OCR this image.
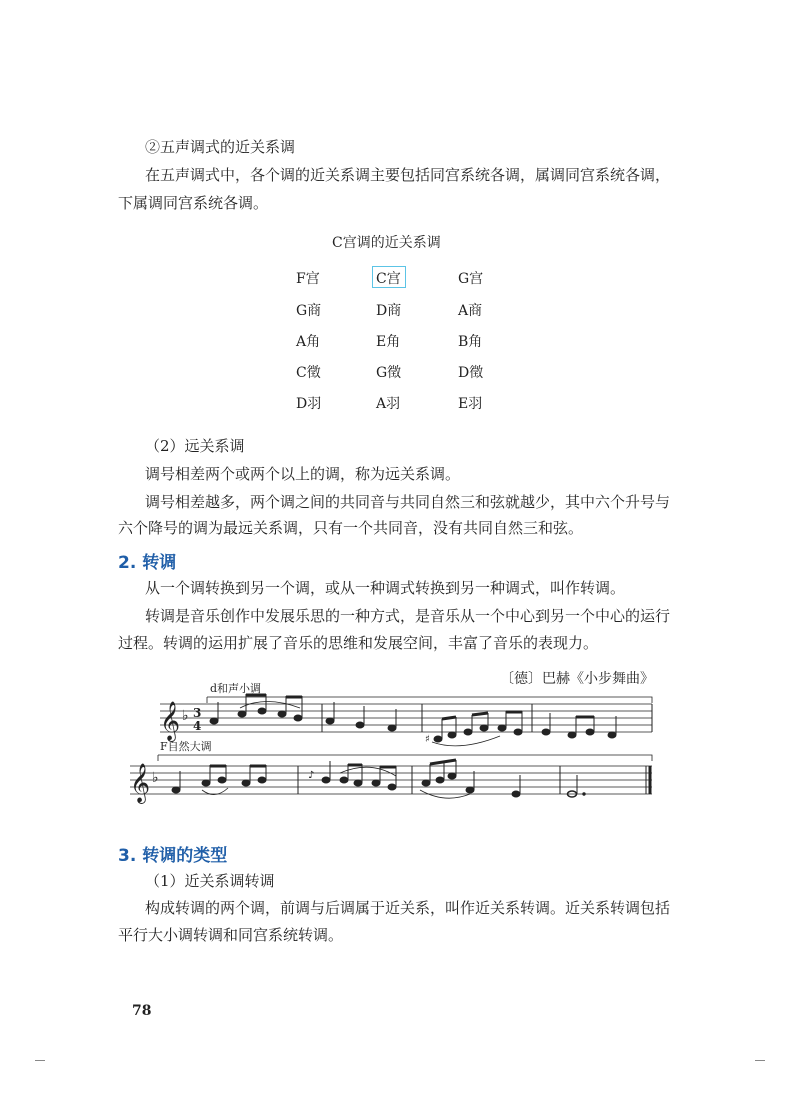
②五声调式的近关系调
在五声调式中，各个调的近关系调主要包括同宫系统各调，属调同宫系统各调，
下属调同宫系统各调。
C宫调的近关系调
F宫	C宫	G宫
G商	D商	A商
A角	E角	B角
C徵	G徵	D徵
D羽	A羽	E羽
（2）远关系调
调号相差两个或两个以上的调，称为远关系调。
调号相差越多，两个调之间的共同音与共同自然三和弦就越少，其中六个升号与
六个降号的调为最远关系调，只有一个共同音，没有共同自然三和弦。
2. 转调
从一个调转换到另一个调，或从一种调式转换到另一种调式，叫作转调。
转调是音乐创作中发展乐思的一种方式，是音乐从一个中心到另一个中心的运行
过程。转调的运用扩展了音乐的思维和发展空间，丰富了音乐的表现力。
〔德〕巴赫《小步舞曲》
d和声小调
F自然大调
𝄞
𝄞
♭
♭
3
4
♯
♪
3. 转调的类型
（1）近关系调转调
构成转调的两个调，前调与后调属于近关系，叫作近关系转调。近关系转调包括
平行大小调转调和同宫系统转调。
78
